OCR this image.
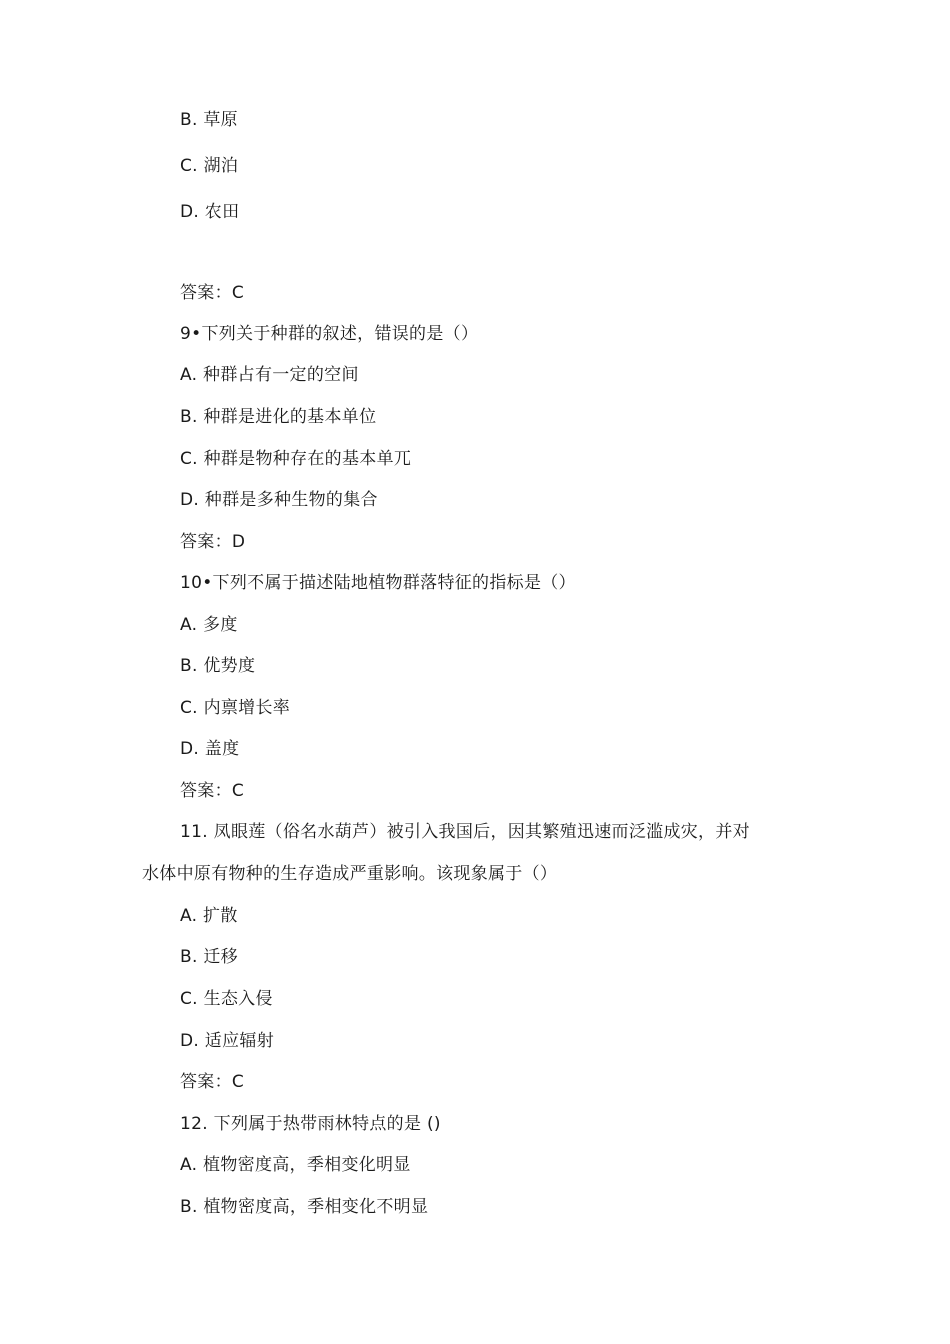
B. 草原
C. 湖泊
D. 农田
答案：C
9•下列关于种群的叙述，错误的是（）
A. 种群占有一定的空间
B. 种群是进化的基本单位
C. 种群是物种存在的基本单兀
D. 种群是多种生物的集合
答案：D
10•下列不属于描述陆地植物群落特征的指标是（）
A. 多度
B. 优势度
C. 内禀增长率
D. 盖度
答案：C
11. 凤眼莲（俗名水葫芦）被引入我国后，因其繁殖迅速而泛滥成灾，并对
水体中原有物种的生存造成严重影响。该现象属于（）
A. 扩散
B. 迁移
C. 生态入侵
D. 适应辐射
答案：C
12. 下列属于热带雨林特点的是 ()
A. 植物密度高，季相变化明显
B. 植物密度高，季相变化不明显
